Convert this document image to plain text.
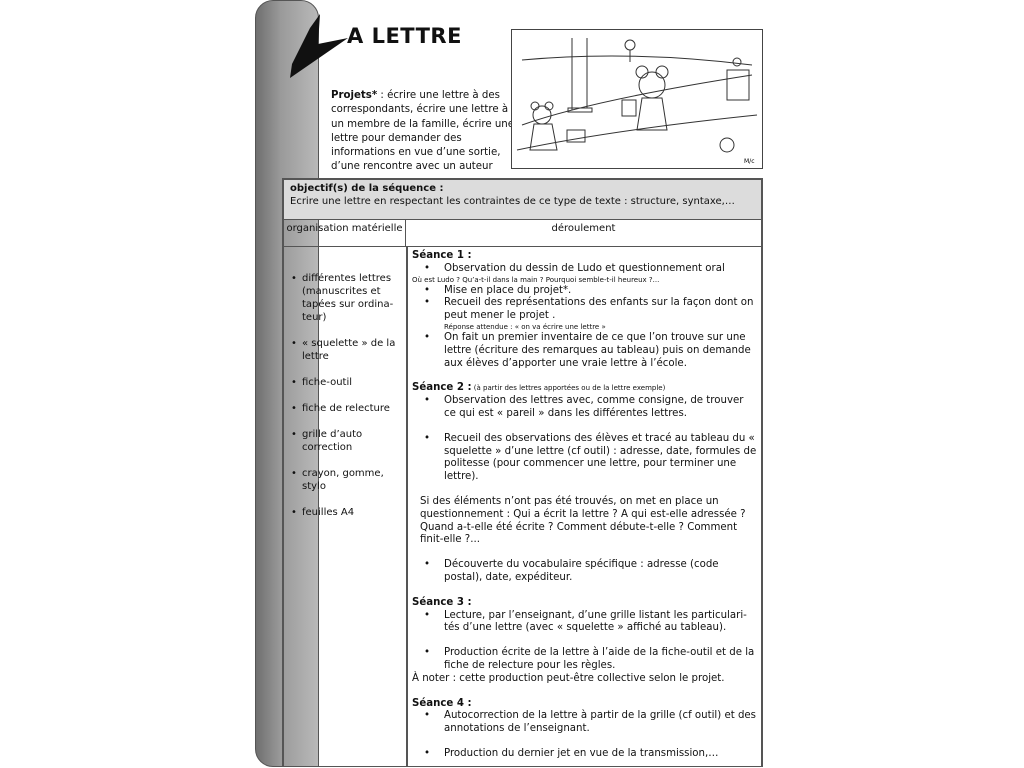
A LETTRE
Projets* : écrire une lettre à des correspondants, écrire une lettre à un membre de la famille, écrire une lettre pour demander des informations en vue d’une sortie, d’une rencontre avec un auteur	M/c
objectif(s) de la séquence :
Ecrire une lettre en respectant les contraintes de ce type de texte : structure, syntaxe,…
organisation matérielle	déroulement
• différentes lettres (manuscrites et tapées sur ordina-teur)
• « squelette » de la lettre
• fiche-outil
• fiche de relecture
• grille d’auto correction
• crayon, gomme, stylo
• feuilles A4
Séance 1 :
• Observation du dessin de Ludo et questionnement oral
Où est Ludo ? Qu’a-t-il dans la main ? Pourquoi semble-t-il heureux ?...
• Mise en place du projet*.
• Recueil des représentations des enfants sur la façon dont on peut mener le projet .
Réponse attendue : « on va écrire une lettre »
• On fait un premier inventaire de ce que l’on trouve sur une lettre (écriture des remarques au tableau) puis on demande aux élèves d’apporter une vraie lettre à l’école.
Séance 2 : (à partir des lettres apportées ou de la lettre exemple)
• Observation des lettres avec, comme consigne, de trouver ce qui est « pareil » dans les différentes lettres.
• Recueil des observations des élèves et tracé au tableau du « squelette » d’une lettre (cf outil) : adresse, date, formules de politesse (pour commencer une lettre, pour terminer une lettre).
Si des éléments n’ont pas été trouvés, on met en place un questionnement : Qui a écrit la lettre ? A qui est-elle adressée ? Quand a-t-elle été écrite ? Comment débute-t-elle ? Comment finit-elle ?...
• Découverte du vocabulaire spécifique : adresse (code postal), date, expéditeur.
Séance 3 :
• Lecture, par l’enseignant, d’une grille listant les particulari-tés d’une lettre (avec « squelette » affiché au tableau).
• Production écrite de la lettre à l’aide de la fiche-outil et de la fiche de relecture pour les règles.
À noter : cette production peut-être collective selon le projet.
Séance 4 :
• Autocorrection de la lettre à partir de la grille (cf outil) et des annotations de l’enseignant.
• Production du dernier jet en vue de la transmission,…
